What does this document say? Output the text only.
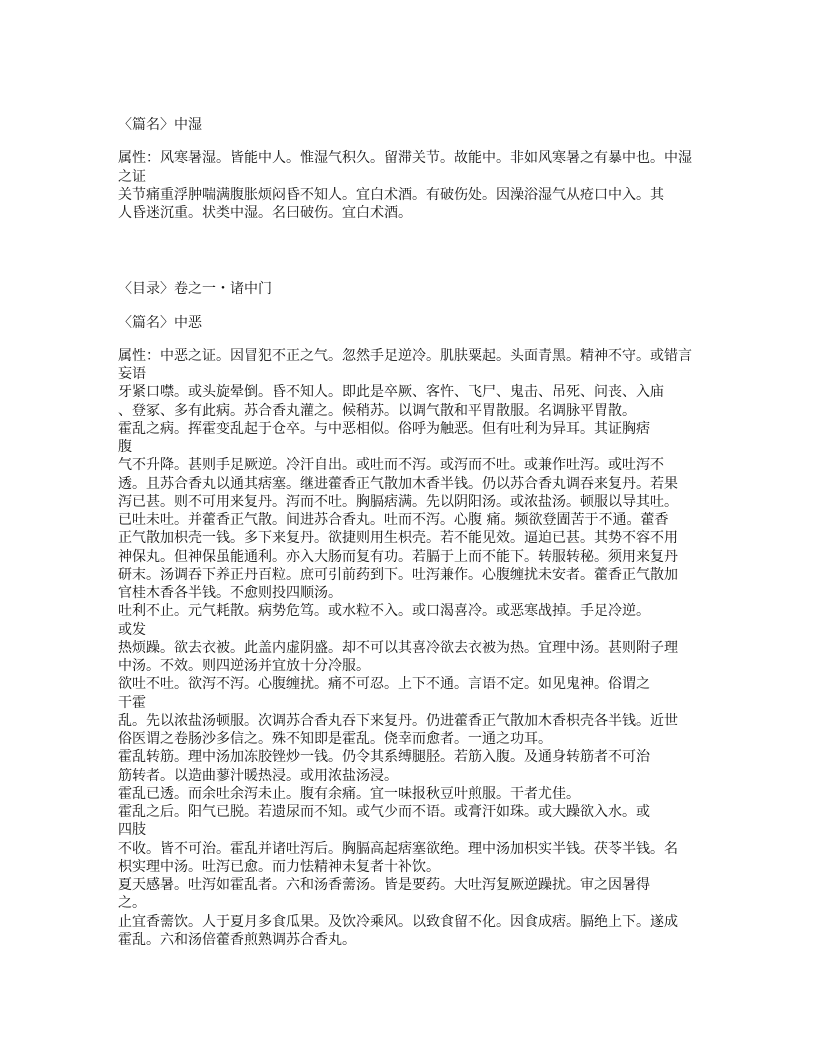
〈篇名〉中湿
属性：风寒暑湿。皆能中人。惟湿气积久。留滞关节。故能中。非如风寒暑之有暴中也。中湿
之证
关节痛重浮肿喘满腹胀烦闷昏不知人。宜白术酒。有破伤处。因澡浴湿气从疮口中入。其
人昏迷沉重。状类中湿。名曰破伤。宜白术酒。
〈目录〉卷之一・诸中门
〈篇名〉中恶
属性：中恶之证。因冒犯不正之气。忽然手足逆冷。肌肤粟起。头面青黑。精神不守。或错言
妄语
牙紧口噤。或头旋晕倒。昏不知人。即此是卒厥、客忤、飞尸、鬼击、吊死、问丧、入庙
、登冢、多有此病。苏合香丸灌之。候稍苏。以调气散和平胃散服。名调脉平胃散。
霍乱之病。挥霍变乱起于仓卒。与中恶相似。俗呼为触恶。但有吐利为异耳。其证胸痞
腹
气不升降。甚则手足厥逆。冷汗自出。或吐而不泻。或泻而不吐。或兼作吐泻。或吐泻不
透。且苏合香丸以通其痞塞。继进藿香正气散加木香半钱。仍以苏合香丸调吞来复丹。若果
泻已甚。则不可用来复丹。泻而不吐。胸膈痞满。先以阴阳汤。或浓盐汤。顿服以导其吐。
已吐未吐。并藿香正气散。间进苏合香丸。吐而不泻。心腹 痛。频欲登圊苦于不通。藿香
正气散加枳壳一钱。多下来复丹。欲捷则用生枳壳。若不能见效。逼迫已甚。其势不容不用
神保丸。但神保虽能通利。亦入大肠而复有功。若膈于上而不能下。转服转秘。须用来复丹
研末。汤调吞下养正丹百粒。庶可引前药到下。吐泻兼作。心腹缠扰未安者。藿香正气散加
官桂木香各半钱。不愈则投四顺汤。
吐利不止。元气耗散。病势危笃。或水粒不入。或口渴喜冷。或恶寒战掉。手足冷逆。
或发
热烦躁。欲去衣被。此盖内虚阴盛。却不可以其喜冷欲去衣被为热。宜理中汤。甚则附子理
中汤。不效。则四逆汤并宜放十分冷服。
欲吐不吐。欲泻不泻。心腹缠扰。痛不可忍。上下不通。言语不定。如见鬼神。俗谓之
干霍
乱。先以浓盐汤顿服。次调苏合香丸吞下来复丹。仍进藿香正气散加木香枳壳各半钱。近世
俗医谓之卷肠沙多信之。殊不知即是霍乱。侥幸而愈者。一通之功耳。
霍乱转筋。理中汤加冻胶锉炒一钱。仍令其系缚腿胫。若筋入腹。及通身转筋者不可治
筋转者。以造曲蓼汁暖热浸。或用浓盐汤浸。
霍乱已透。而余吐余泻未止。腹有余痛。宜一味报秋豆叶煎服。干者尤佳。
霍乱之后。阳气已脱。若遗尿而不知。或气少而不语。或膏汗如珠。或大躁欲入水。或
四肢
不收。皆不可治。霍乱并诸吐泻后。胸膈高起痞塞欲绝。理中汤加枳实半钱。茯苓半钱。名
枳实理中汤。吐泻已愈。而力怯精神未复者十补饮。
夏天感暑。吐泻如霍乱者。六和汤香薷汤。皆是要药。大吐泻复厥逆躁扰。审之因暑得
之。
止宜香薷饮。人于夏月多食瓜果。及饮冷乘风。以致食留不化。因食成痞。膈绝上下。遂成
霍乱。六和汤倍藿香煎熟调苏合香丸。
